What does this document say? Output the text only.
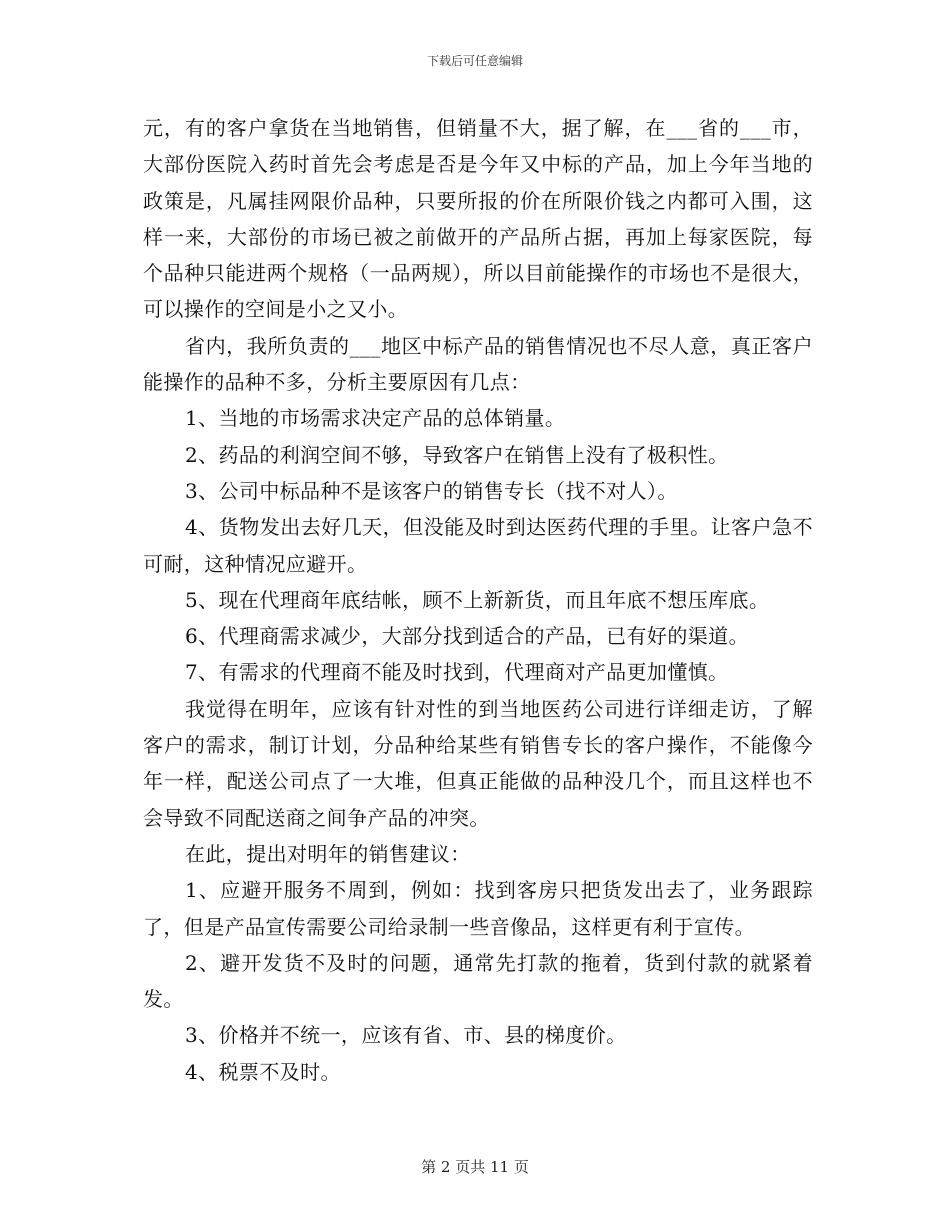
下载后可任意编辑

元，有的客户拿货在当地销售，但销量不大，据了解，在___省的___市，大部份医院入药时首先会考虑是否是今年又中标的产品，加上今年当地的政策是，凡属挂网限价品种，只要所报的价在所限价钱之内都可入围，这样一来，大部份的市场已被之前做开的产品所占据，再加上每家医院，每个品种只能进两个规格（一品两规），所以目前能操作的市场也不是很大，可以操作的空间是小之又小。

省内，我所负责的___地区中标产品的销售情况也不尽人意，真正客户能操作的品种不多，分析主要原因有几点：

1、当地的市场需求决定产品的总体销量。

2、药品的利润空间不够，导致客户在销售上没有了极积性。

3、公司中标品种不是该客户的销售专长（找不对人）。

4、货物发出去好几天，但没能及时到达医药代理的手里。让客户急不可耐，这种情况应避开。

5、现在代理商年底结帐，顾不上新新货，而且年底不想压库底。

6、代理商需求减少，大部分找到适合的产品，已有好的渠道。

7、有需求的代理商不能及时找到，代理商对产品更加懂慎。

我觉得在明年，应该有针对性的到当地医药公司进行详细走访，了解客户的需求，制订计划，分品种给某些有销售专长的客户操作，不能像今年一样，配送公司点了一大堆，但真正能做的品种没几个，而且这样也不会导致不同配送商之间争产品的冲突。

在此，提出对明年的销售建议：

1、应避开服务不周到，例如：找到客房只把货发出去了，业务跟踪了，但是产品宣传需要公司给录制一些音像品，这样更有利于宣传。

2、避开发货不及时的问题，通常先打款的拖着，货到付款的就紧着发。

3、价格并不统一，应该有省、市、县的梯度价。

4、税票不及时。

第 2 页共 11 页
